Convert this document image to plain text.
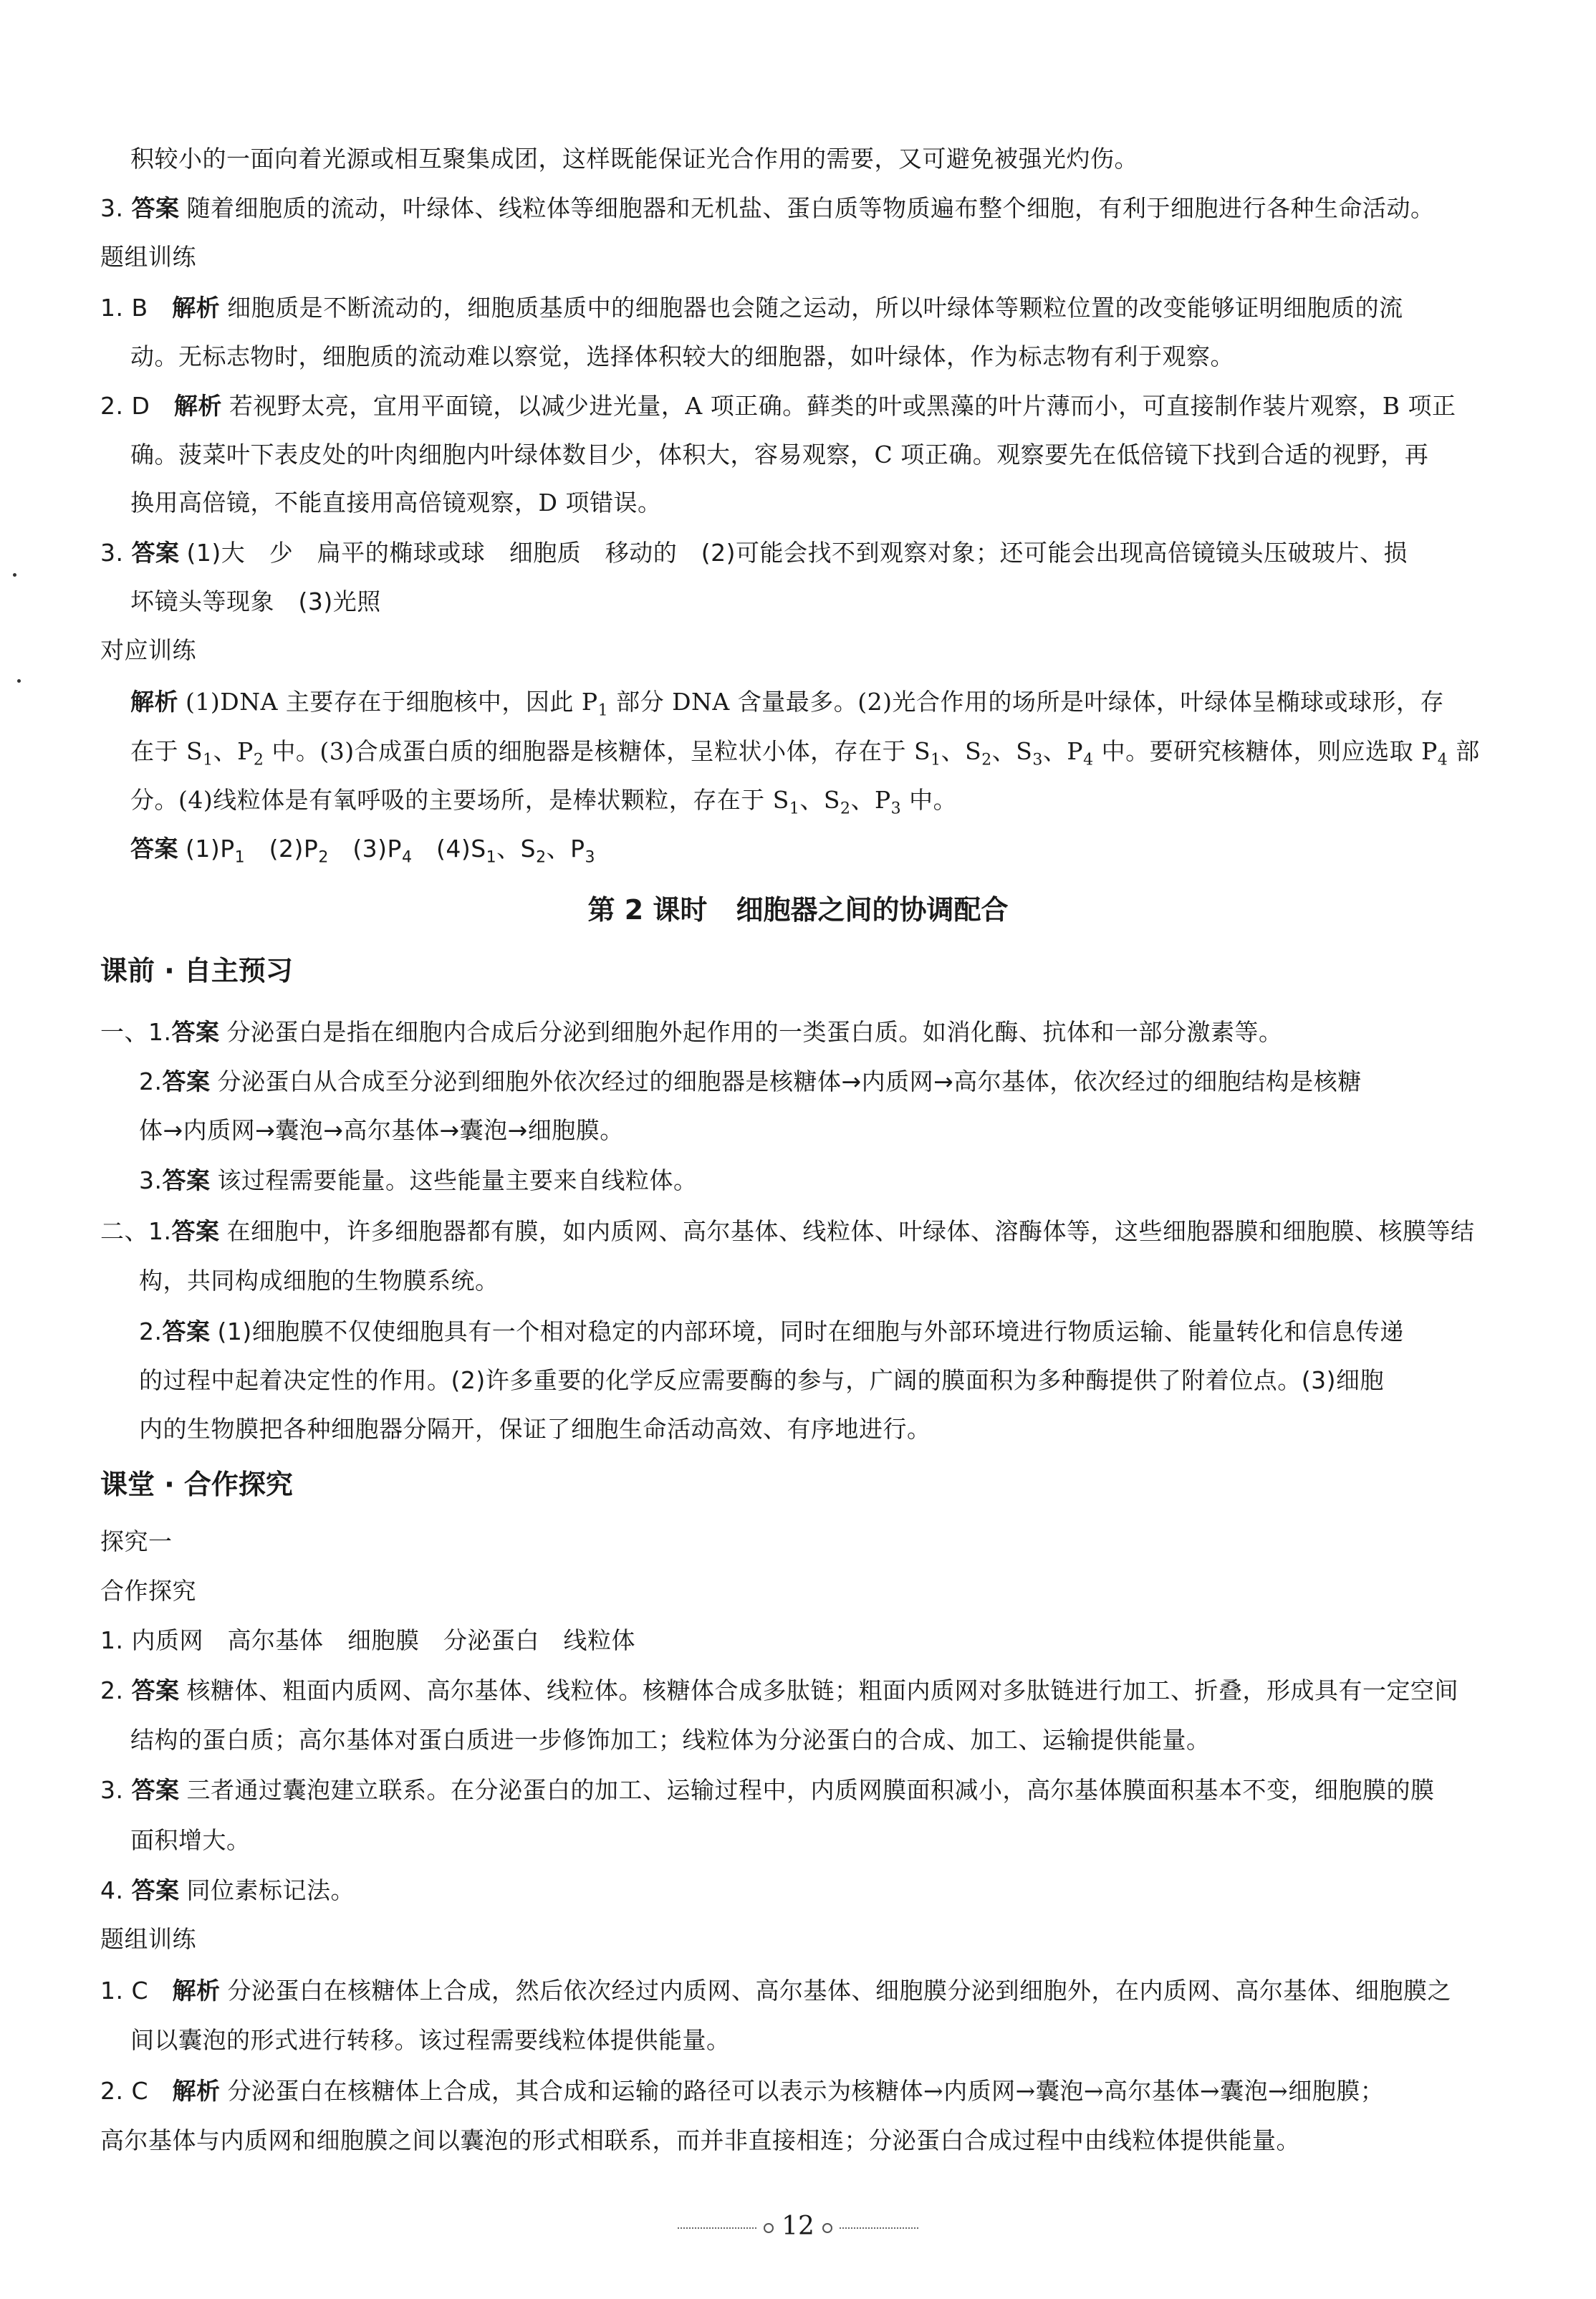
积较小的一面向着光源或相互聚集成团，这样既能保证光合作用的需要，又可避免被强光灼伤。
3. 答案 随着细胞质的流动，叶绿体、线粒体等细胞器和无机盐、蛋白质等物质遍布整个细胞，有利于细胞进行各种生命活动。
题组训练
1. B　 解析 细胞质是不断流动的，细胞质基质中的细胞器也会随之运动，所以叶绿体等颗粒位置的改变能够证明细胞质的流
动。无标志物时，细胞质的流动难以察觉，选择体积较大的细胞器，如叶绿体，作为标志物有利于观察。
2. D　 解析 若视野太亮，宜用平面镜，以减少进光量，A 项正确。藓类的叶或黑藻的叶片薄而小，可直接制作装片观察，B 项正
确。菠菜叶下表皮处的叶肉细胞内叶绿体数目少，体积大，容易观察，C 项正确。观察要先在低倍镜下找到合适的视野，再
换用高倍镜，不能直接用高倍镜观察，D 项错误。
3. 答案 (1)大　少　扁平的椭球或球　细胞质　移动的　(2)可能会找不到观察对象；还可能会出现高倍镜镜头压破玻片、损
坏镜头等现象　(3)光照
对应训练
解析 (1)DNA 主要存在于细胞核中，因此 $P_1$ 部分 DNA 含量最多。(2)光合作用的场所是叶绿体，叶绿体呈椭球或球形，存
在于 $S_1$、$P_2$ 中。(3)合成蛋白质的细胞器是核糖体，呈粒状小体，存在于 $S_1$、$S_2$、$S_3$、$P_4$ 中。要研究核糖体，则应选取 $P_4$ 部
分。(4)线粒体是有氧呼吸的主要场所，是棒状颗粒，存在于 $S_1$、$S_2$、$P_3$ 中。
答案 $(1)P_1$　$(2)P_2$　$(3)P_4$　$(4)S_1$、$S_2$、$P_3$
第 2 课时 细胞器之间的协调配合
课前 · 自主预习
一、1.答案 分泌蛋白是指在细胞内合成后分泌到细胞外起作用的一类蛋白质。如消化酶、抗体和一部分激素等。
2.答案 分泌蛋白从合成至分泌到细胞外依次经过的细胞器是核糖体→内质网→高尔基体，依次经过的细胞结构是核糖
体→内质网→囊泡→高尔基体→囊泡→细胞膜。
3.答案 该过程需要能量。这些能量主要来自线粒体。
二、1.答案 在细胞中，许多细胞器都有膜，如内质网、高尔基体、线粒体、叶绿体、溶酶体等，这些细胞器膜和细胞膜、核膜等结
构，共同构成细胞的生物膜系统。
2.答案 (1)细胞膜不仅使细胞具有一个相对稳定的内部环境，同时在细胞与外部环境进行物质运输、能量转化和信息传递
的过程中起着决定性的作用。(2)许多重要的化学反应需要酶的参与，广阔的膜面积为多种酶提供了附着位点。(3)细胞
内的生物膜把各种细胞器分隔开，保证了细胞生命活动高效、有序地进行。
课堂 · 合作探究
探究一
合作探究
1. 内质网　高尔基体　细胞膜　分泌蛋白　线粒体
2. 答案 核糖体、粗面内质网、高尔基体、线粒体。核糖体合成多肽链；粗面内质网对多肽链进行加工、折叠，形成具有一定空间
结构的蛋白质；高尔基体对蛋白质进一步修饰加工；线粒体为分泌蛋白的合成、加工、运输提供能量。
3. 答案 三者通过囊泡建立联系。在分泌蛋白的加工、运输过程中，内质网膜面积减小，高尔基体膜面积基本不变，细胞膜的膜
面积增大。
4. 答案 同位素标记法。
题组训练
1. C　 解析 分泌蛋白在核糖体上合成，然后依次经过内质网、高尔基体、细胞膜分泌到细胞外，在内质网、高尔基体、细胞膜之
间以囊泡的形式进行转移。该过程需要线粒体提供能量。
2. C　 解析 分泌蛋白在核糖体上合成，其合成和运输的路径可以表示为核糖体→内质网→囊泡→高尔基体→囊泡→细胞膜；
高尔基体与内质网和细胞膜之间以囊泡的形式相联系，而并非直接相连；分泌蛋白合成过程中由线粒体提供能量。
12
